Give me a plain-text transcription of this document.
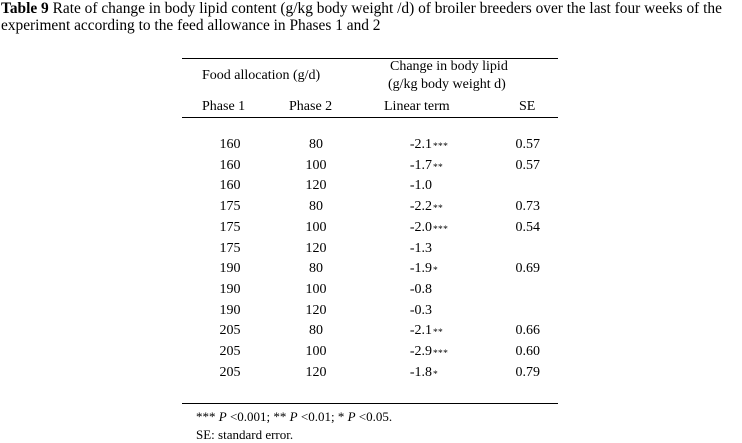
Table 9 Rate of change in body lipid content (g/kg body weight /d) of broiler breeders over the last four weeks of the experiment according to the feed allowance in Phases 1 and 2
Food allocation (g/d)
Change in body lipid
(g/kg body weight d)
Phase 1	Phase 2	Linear term	SE
160	80	-2.1 ***	0.57
160	100	-1.7 **	0.57
160	120	-1.0
175	80	-2.2 **	0.73
175	100	-2.0 ***	0.54
175	120	-1.3
190	80	-1.9 *	0.69
190	100	-0.8
190	120	-0.3
205	80	-2.1 **	0.66
205	100	-2.9 ***	0.60
205	120	-1.8 *	0.79
*** P <0.001; ** P <0.01; * P <0.05.
SE: standard error.
